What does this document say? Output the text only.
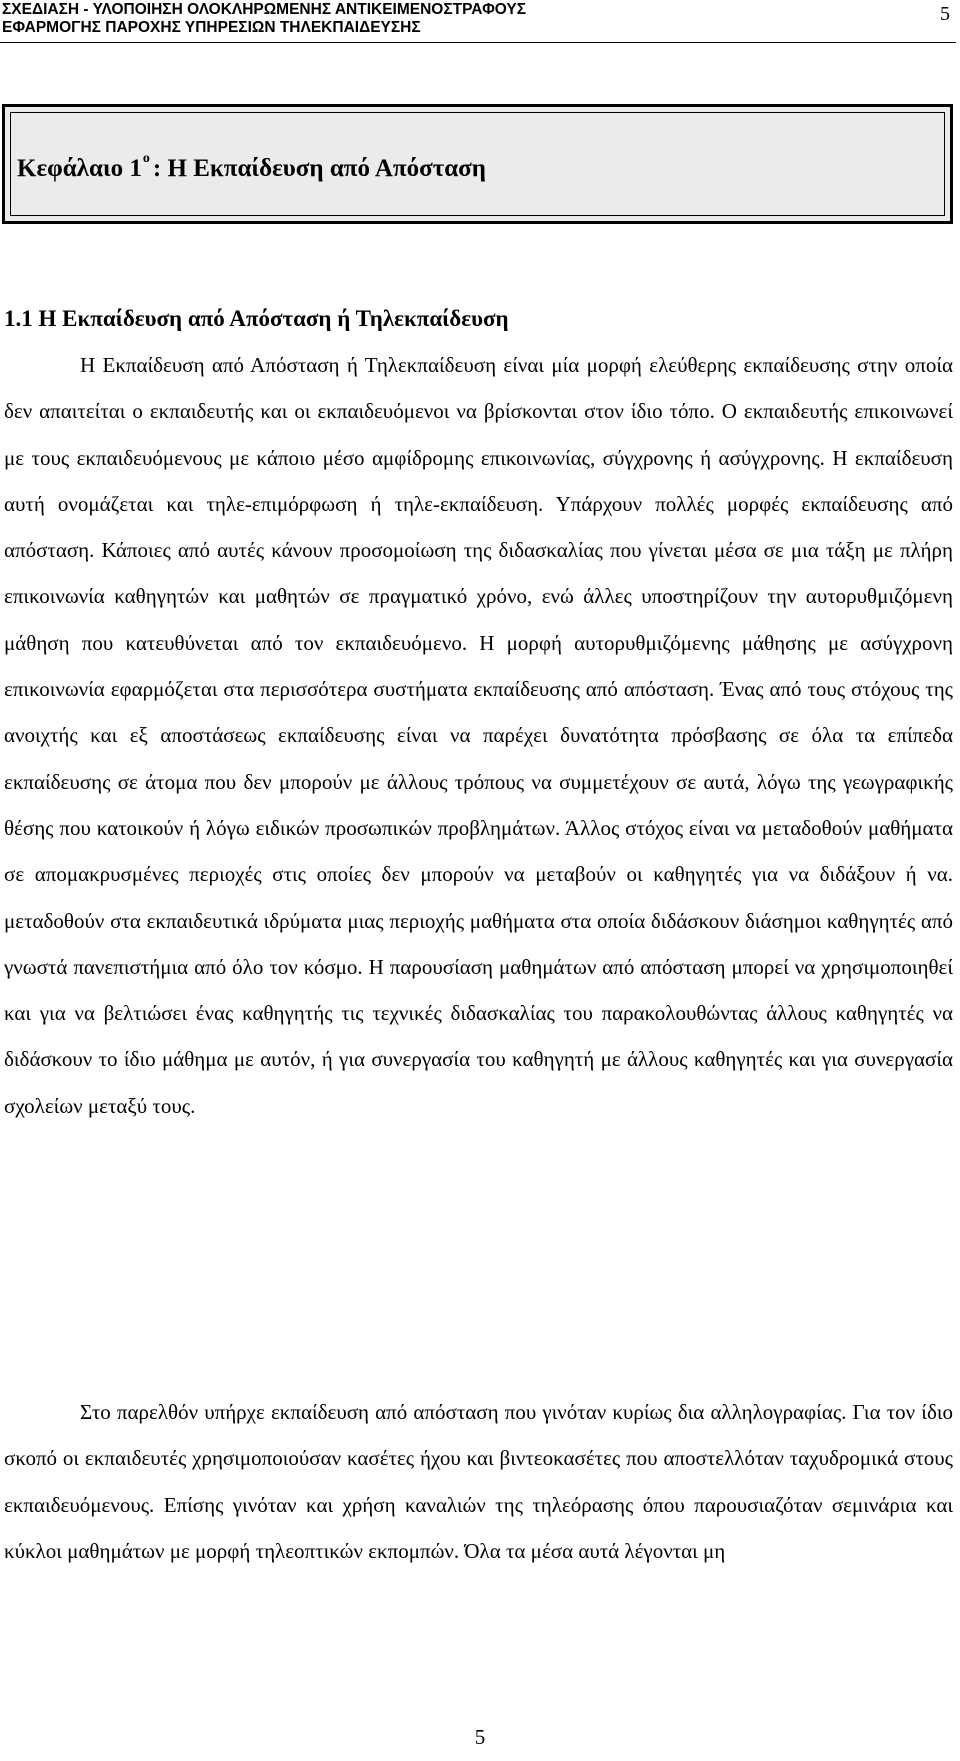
ΣΧΕΔΙΑΣΗ - ΥΛΟΠΟΙΗΣΗ ΟΛΟΚΛΗΡΩΜΕΝΗΣ ΑΝΤΙΚΕΙΜΕΝΟΣΤΡΑΦΟΥΣ
ΕΦΑΡΜΟΓΗΣ ΠΑΡΟΧΗΣ ΥΠΗΡΕΣΙΩΝ ΤΗΛΕΚΠΑΙΔΕΥΣΗΣ
5
Κεφάλαιο $1^o$ : Η Εκπαίδευση από Απόσταση
1.1 Η Εκπαίδευση από Απόσταση ή Τηλεκπαίδευση

Η Εκπαίδευση από Απόσταση ή Τηλεκπαίδευση είναι μία μορφή ελεύθερης εκπαίδευσης στην οποία δεν απαιτείται ο εκπαιδευτής και οι εκπαιδευόμενοι να βρίσκονται στον ίδιο τόπο. Ο εκπαιδευτής επικοινωνεί με τους εκπαιδευόμενους με κάποιο μέσο αμφίδρομης επικοινωνίας, σύγχρονης ή ασύγχρονης. Η εκπαίδευση αυτή ονομάζεται και τηλε-επιμόρφωση ή τηλε-εκπαίδευση. Υπάρχουν πολλές μορφές εκπαίδευσης από απόσταση. Κάποιες από αυτές κάνουν προσομοίωση της διδασκαλίας που γίνεται μέσα σε μια τάξη με πλήρη επικοινωνία καθηγητών και μαθητών σε πραγματικό χρόνο, ενώ άλλες υποστηρίζουν την αυτορυθμιζόμενη μάθηση που κατευθύνεται από τον εκπαιδευόμενο. Η μορφή αυτορυθμιζόμενης μάθησης με ασύγχρονη επικοινωνία εφαρμόζεται στα περισσότερα συστήματα εκπαίδευσης από απόσταση. Ένας από τους στόχους της ανοιχτής και εξ αποστάσεως εκπαίδευσης είναι να παρέχει δυνατότητα πρόσβασης σε όλα τα επίπεδα εκπαίδευσης σε άτομα που δεν μπορούν με άλλους τρόπους να συμμετέχουν σε αυτά, λόγω της γεωγραφικής θέσης που κατοικούν ή λόγω ειδικών προσωπικών προβλημάτων. Άλλος στόχος είναι να μεταδοθούν μαθήματα σε απομακρυσμένες περιοχές στις οποίες δεν μπορούν να μεταβούν οι καθηγητές για να διδάξουν ή να. μεταδοθούν στα εκπαιδευτικά ιδρύματα μιας περιοχής μαθήματα στα οποία διδάσκουν διάσημοι καθηγητές από γνωστά πανεπιστήμια από όλο τον κόσμο. Η παρουσίαση μαθημάτων από απόσταση μπορεί να χρησιμοποιηθεί και για να βελτιώσει ένας καθηγητής τις τεχνικές διδασκαλίας του παρακολουθώντας άλλους καθηγητές να διδάσκουν το ίδιο μάθημα με αυτόν, ή για συνεργασία του καθηγητή με άλλους καθηγητές και για συνεργασία σχολείων μεταξύ τους.

Στο παρελθόν υπήρχε εκπαίδευση από απόσταση που γινόταν κυρίως δια αλληλογραφίας. Για τον ίδιο σκοπό οι εκπαιδευτές χρησιμοποιούσαν κασέτες ήχου και βιντεοκασέτες που αποστελλόταν ταχυδρομικά στους εκπαιδευόμενους. Επίσης γινόταν και χρήση καναλιών της τηλεόρασης όπου παρουσιαζόταν σεμινάρια και κύκλοι μαθημάτων με μορφή τηλεοπτικών εκπομπών. Όλα τα μέσα αυτά λέγονται μη

5
